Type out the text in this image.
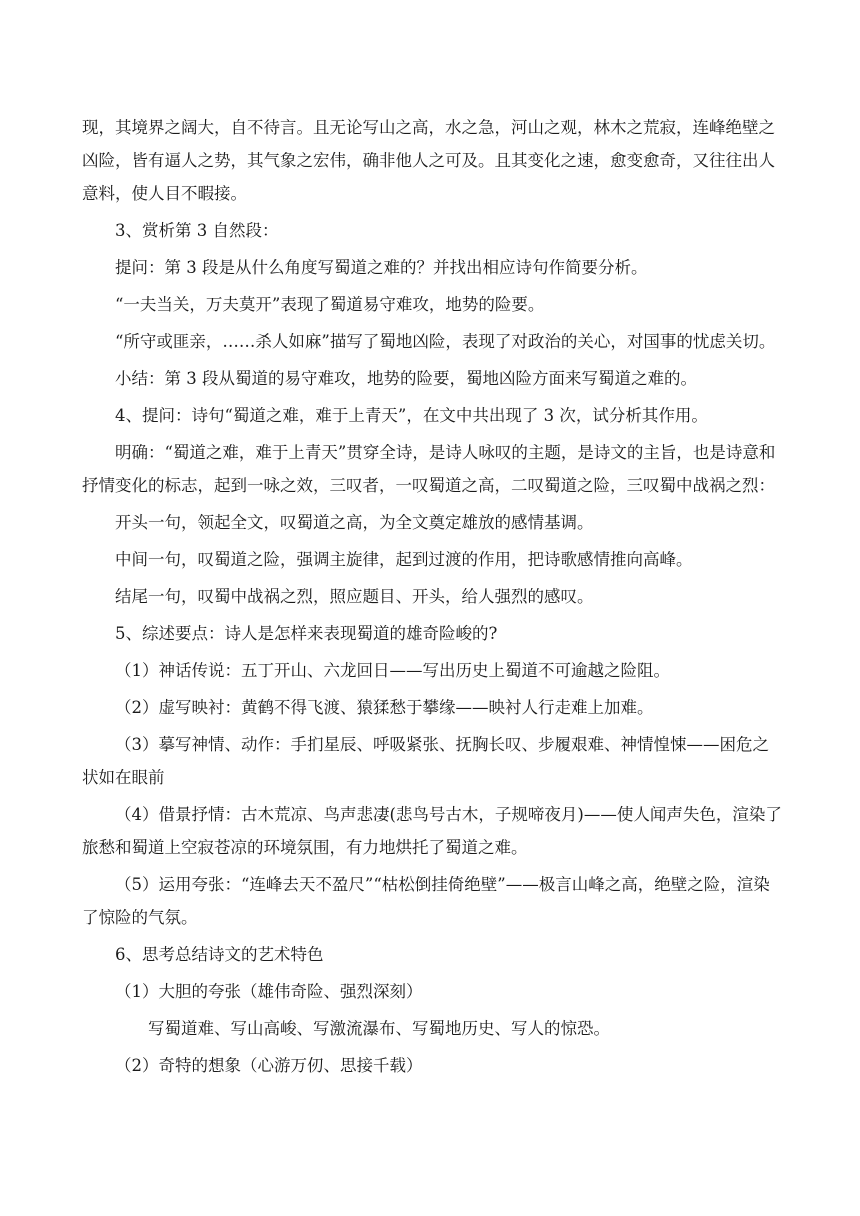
现，其境界之阔大，自不待言。且无论写山之高，水之急，河山之观，林木之荒寂，连峰绝壁之凶险，皆有逼人之势，其气象之宏伟，确非他人之可及。且其变化之速，愈变愈奇，又往往出人意料，使人目不暇接。

3、赏析第 3 自然段：

提问：第 3 段是从什么角度写蜀道之难的？并找出相应诗句作简要分析。

“一夫当关，万夫莫开”表现了蜀道易守难攻，地势的险要。

“所守或匪亲，……杀人如麻”描写了蜀地凶险，表现了对政治的关心，对国事的忧虑关切。

小结：第 3 段从蜀道的易守难攻，地势的险要，蜀地凶险方面来写蜀道之难的。

4、提问：诗句“蜀道之难，难于上青天”，在文中共出现了 3 次，试分析其作用。

明确：“蜀道之难，难于上青天”贯穿全诗，是诗人咏叹的主题，是诗文的主旨，也是诗意和抒情变化的标志，起到一咏之效，三叹者，一叹蜀道之高，二叹蜀道之险，三叹蜀中战祸之烈：

开头一句，领起全文，叹蜀道之高，为全文奠定雄放的感情基调。

中间一句，叹蜀道之险，强调主旋律，起到过渡的作用，把诗歌感情推向高峰。

结尾一句，叹蜀中战祸之烈，照应题目、开头，给人强烈的感叹。

5、综述要点：诗人是怎样来表现蜀道的雄奇险峻的?

（1）神话传说：五丁开山、六龙回日——写出历史上蜀道不可逾越之险阻。

（2）虚写映衬：黄鹤不得飞渡、猿猱愁于攀缘——映衬人行走难上加难。

（3）摹写神情、动作：手扪星辰、呼吸紧张、抚胸长叹、步履艰难、神情惶悚——困危之状如在眼前

（4）借景抒情：古木荒凉、鸟声悲凄(悲鸟号古木，子规啼夜月)——使人闻声失色，渲染了旅愁和蜀道上空寂苍凉的环境氛围，有力地烘托了蜀道之难。

（5）运用夸张：“连峰去天不盈尺”“枯松倒挂倚绝壁”——极言山峰之高，绝壁之险，渲染了惊险的气氛。

6、思考总结诗文的艺术特色

（1）大胆的夸张（雄伟奇险、强烈深刻）

写蜀道难、写山高峻、写激流瀑布、写蜀地历史、写人的惊恐。

（2）奇特的想象（心游万仞、思接千载）
